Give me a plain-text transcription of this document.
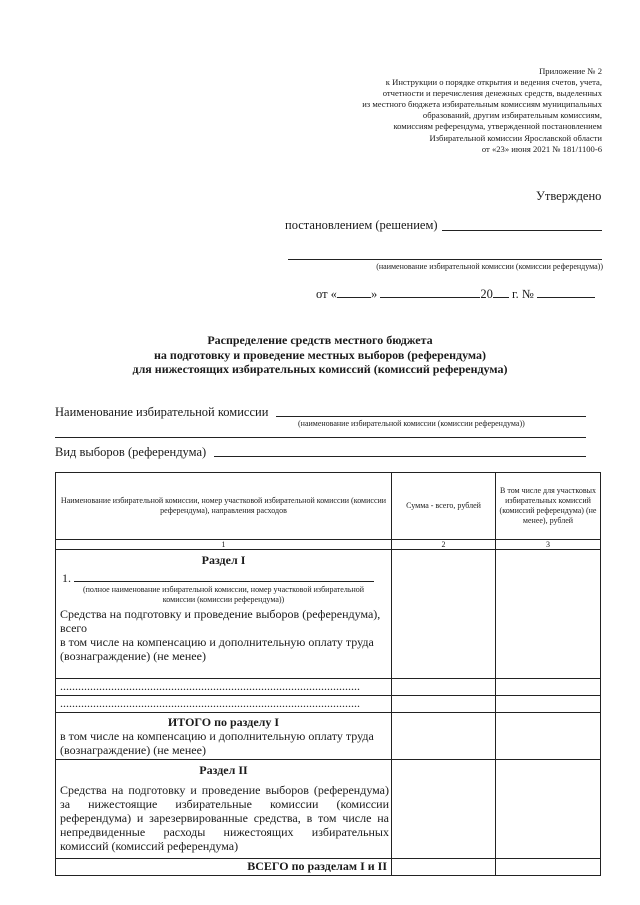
Приложение № 2
к Инструкции о порядке открытия и ведения счетов, учета,
отчетности и перечисления денежных средств, выделенных
из местного бюджета избирательным комиссиям муниципальных
образований, другим избирательным комиссиям,
комиссиям референдума, утвержденной постановлением
Избирательной комиссии Ярославской области
от «23» июня 2021 № 181/1100-6
Утверждено
постановлением (решением)
(наименование избирательной комиссии (комиссии референдума))
от «	»	20 г. №
Распределение средств местного бюджета
на подготовку и проведение местных выборов (референдума)
для нижестоящих избирательных комиссий (комиссий референдума)
Наименование избирательной комиссии
(наименование избирательной комиссии (комиссии референдума))
Вид выборов (референдума)
Наименование избирательной комиссии, номер участковой избирательной комиссии (комиссии референдума), направления расходов	Сумма - всего, рублей	В том числе для участковых избирательных комиссий (комиссий референдума) (не менее), рублей
1	2	3

Раздел I
1.
(полное наименование избирательной комиссии, номер участковой избирательной комиссии (комиссии референдума))
Средства на подготовку и проведение выборов (референдума), всего
в том числе на компенсацию и дополнительную оплату труда (вознаграждение) (не менее)		

....................................................................................................		
....................................................................................................		

ИТОГО по разделу I
в том числе на компенсацию и дополнительную оплату труда (вознаграждение) (не менее)		

Раздел II
Средства на подготовку и проведение выборов (референдума) за нижестоящие избирательные комиссии (комиссии референдума) и зарезервированные средства, в том числе на непредвиденные расходы нижестоящих избирательных комиссий (комиссий референдума)		

ВСЕГО по разделам I и II		
